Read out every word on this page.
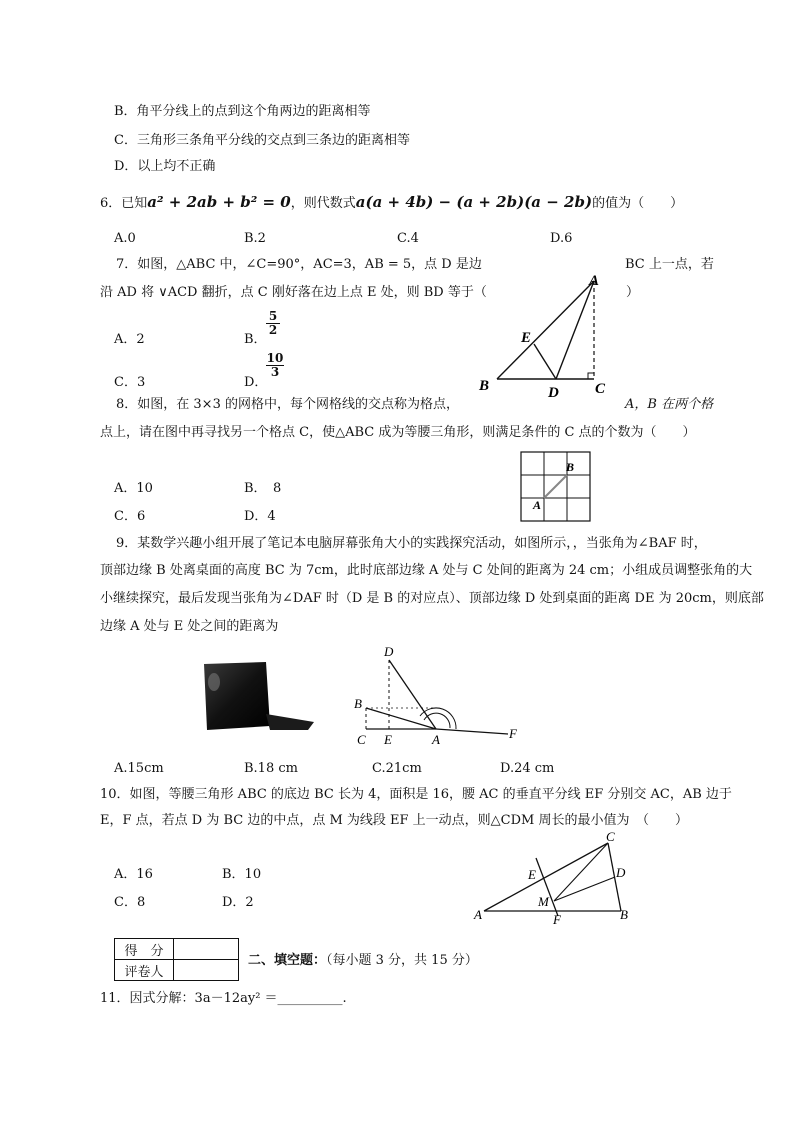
B．角平分线上的点到这个角两边的距离相等
C．三角形三条角平分线的交点到三条边的距离相等
D．以上均不正确
6．已知a² + 2ab + b² = 0，则代数式a(a + 4b) − (a + 2b)(a − 2b)的值为（　　）
A.0	B.2	C.4	D.6
7．如图，△ABC 中，∠C=90°，AC=3，AB = 5，点 D 是边	BC 上一点，若
沿 AD 将 ∨ACD 翻折，点 C 刚好落在边上点 E 处，则 BD 等于（	）
A．2	B．
$\frac{5}{2}$
C．3	D．
$\frac{10}{3}$
A
B	C
D
E
8．如图，在 3×3 的网格中，每个网格线的交点称为格点，	A，B 在两个格
点上，请在图中再寻找另一个格点 C，使△ABC 成为等腰三角形，则满足条件的 C 点的个数为（　　）
A．10	B．　8
C．6	D．4
B
A
9．某数学兴趣小组开展了笔记本电脑屏幕张角大小的实践探究活动，如图所示，，当张角为∠BAF 时，
顶部边缘 B 处离桌面的高度 BC 为 7cm，此时底部边缘 A 处与 C 处间的距离为 24 cm；小组成员调整张角的大
小继续探究，最后发现当张角为∠DAF 时（D 是 B 的对应点）、顶部边缘 D 处到桌面的距离 DE 为 20cm，则底部
边缘 A 处与 E 处之间的距离为
D
B
C E	A	F
A.15cm	B.18 cm	C.21cm	D.24 cm
10．如图，等腰三角形 ABC 的底边 BC 长为 4，面积是 16，腰 AC 的垂直平分线 EF 分别交 AC，AB 边于
E，F 点，若点 D 为 BC 边的中点，点 M 为线段 EF 上一动点，则△CDM 周长的最小值为　（　　）
A．16	B．10
C．8	D．2
C
D
E
M
A	F	B
得　分	
评卷人	
二、填空题：（每小题 3 分，共 15 分）
11．因式分解：3a－12ay² ＝__________.
